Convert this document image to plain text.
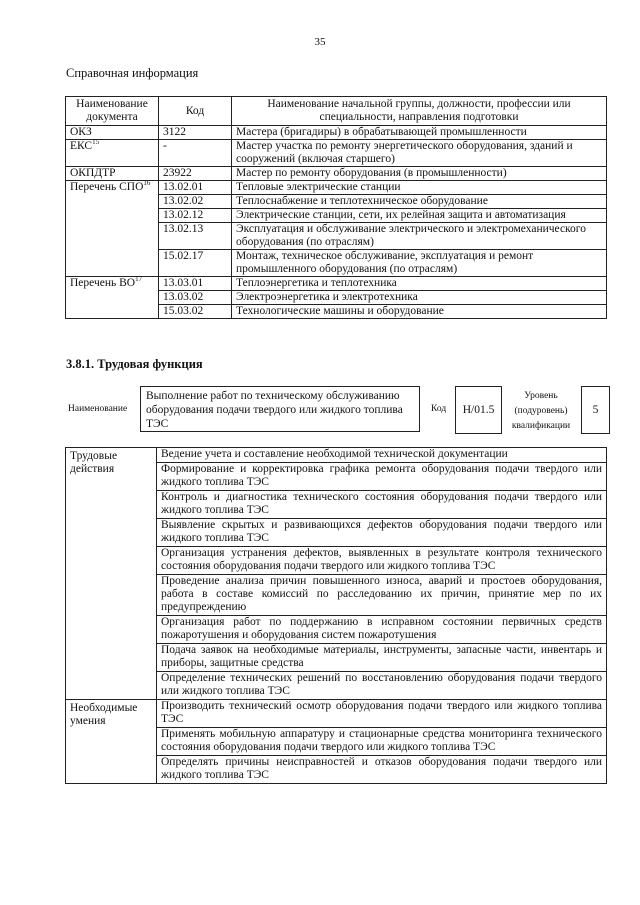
35
Справочная информация
Наименование документа	Код	Наименование начальной группы, должности, профессии или специальности, направления подготовки
ОКЗ	3122	Мастера (бригадиры) в обрабатывающей промышленности
ЕКС$^{15}$	-	Мастер участка по ремонту энергетического оборудования, зданий и сооружений (включая старшего)
ОКПДТР	23922	Мастер по ремонту оборудования (в промышленности)
Перечень СПО$^{16}$	13.02.01	Тепловые электрические станции
	13.02.02	Теплоснабжение и теплотехническое оборудование
	13.02.12	Электрические станции, сети, их релейная защита и автоматизация
	13.02.13	Эксплуатация и обслуживание электрического и электромеханического оборудования (по отраслям)
	15.02.17	Монтаж, техническое обслуживание, эксплуатация и ремонт промышленного оборудования (по отраслям)
Перечень ВО$^{17}$	13.03.01	Теплоэнергетика и теплотехника
	13.03.02	Электроэнергетика и электротехника
	15.03.02	Технологические машины и оборудование
3.8.1. Трудовая функция
Наименование
Выполнение работ по техническому обслуживанию оборудования подачи твердого или жидкого топлива ТЭС
Код	H/01.5
Уровень
(подуровень)
квалификации
5
Трудовые действия	Ведение учета и составление необходимой технической документации
	Формирование и корректировка графика ремонта оборудования подачи твердого или жидкого топлива ТЭС
	Контроль и диагностика технического состояния оборудования подачи твердого или жидкого топлива ТЭС
	Выявление скрытых и развивающихся дефектов оборудования подачи твердого или жидкого топлива ТЭС
	Организация устранения дефектов, выявленных в результате контроля технического состояния оборудования подачи твердого или жидкого топлива ТЭС
	Проведение анализа причин повышенного износа, аварий и простоев оборудования, работа в составе комиссий по расследованию их причин, принятие мер по их предупреждению
	Организация работ по поддержанию в исправном состоянии первичных средств пожаротушения и оборудования систем пожаротушения
	Подача заявок на необходимые материалы, инструменты, запасные части, инвентарь и приборы, защитные средства
	Определение технических решений по восстановлению оборудования подачи твердого или жидкого топлива ТЭС
Необходимые умения	Производить технический осмотр оборудования подачи твердого или жидкого топлива ТЭС
	Применять мобильную аппаратуру и стационарные средства мониторинга технического состояния оборудования подачи твердого или жидкого топлива ТЭС
	Определять причины неисправностей и отказов оборудования подачи твердого или жидкого топлива ТЭС
